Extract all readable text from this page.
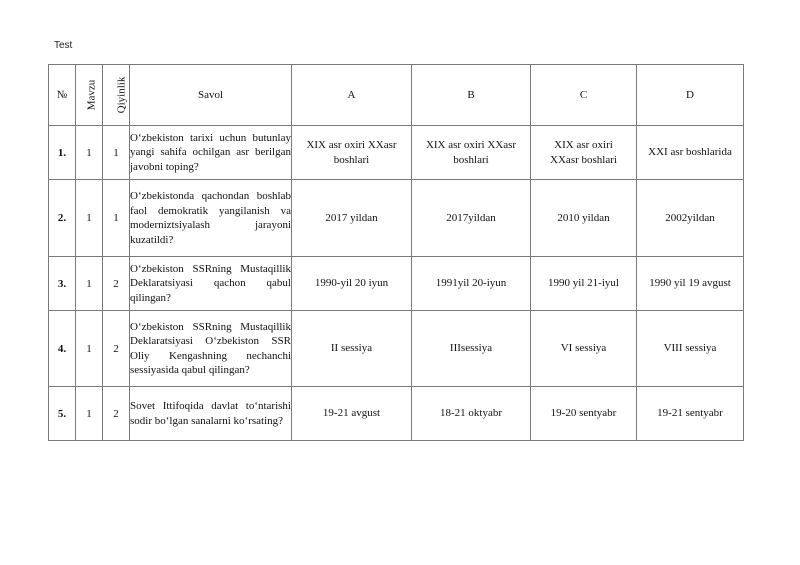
Test
№	Mavzu	Qiyinlik	Savol	A	B	C	D
1.	1	1	O‘zbekiston tarixi uchun butunlay yangi sahifa ochilgan asr berilgan javobni toping?	XIX asr oxiri XXasr boshlari	XIX asr oxiri XXasr boshlari	XIX asr oxiri XXasr boshlari	XXI asr boshlarida
2.	1	1	O‘zbekistonda qachondan boshlab faol demokratik yangilanish va moderniztsiyalash jarayoni kuzatildi?	2017 yildan	2017yildan	2010 yildan	2002yildan
3.	1	2	O‘zbekiston SSRning Mustaqillik Deklaratsiyasi qachon qabul qilingan?	1990-yil 20 iyun	1991yil 20-iyun	1990 yil 21-iyul	1990 yil 19 avgust
4.	1	2	O‘zbekiston SSRning Mustaqillik Deklaratsiyasi O‘zbekiston SSR Oliy Kengashning nechanchi sessiyasida qabul qilingan?	II sessiya	IIIsessiya	VI sessiya	VIII sessiya
5.	1	2	Sovet Ittifoqida davlat to‘ntarishi sodir bo‘lgan sanalarni ko‘rsating?	19-21 avgust	18-21 oktyabr	19-20 sentyabr	19-21 sentyabr
